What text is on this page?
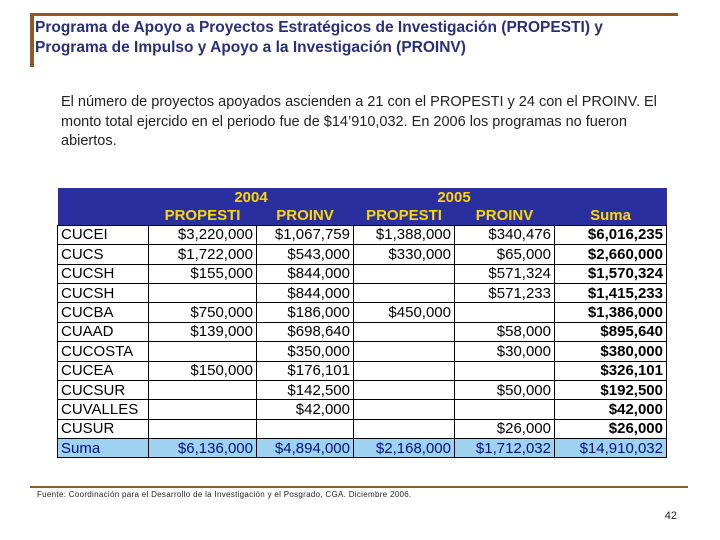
Programa de Apoyo a Proyectos Estratégicos de Investigación (PROPESTI) y Programa de Impulso y Apoyo a la Investigación (PROINV)
El número de proyectos apoyados ascienden a 21 con el PROPESTI y 24 con el PROINV. El monto total ejercido en el periodo fue de $14’910,032. En 2006 los programas no fueron abiertos.
	2004		2005		
	PROPESTI	PROINV	PROPESTI	PROINV	Suma
CUCEI	$3,220,000	$1,067,759	$1,388,000	$340,476	$6,016,235
CUCS	$1,722,000	$543,000	$330,000	$65,000	$2,660,000
CUCSH	$155,000	$844,000		$571,324	$1,570,324
CUCSH		$844,000		$571,233	$1,415,233
CUCBA	$750,000	$186,000	$450,000		$1,386,000
CUAAD	$139,000	$698,640		$58,000	$895,640
CUCOSTA		$350,000		$30,000	$380,000
CUCEA	$150,000	$176,101			$326,101
CUCSUR		$142,500		$50,000	$192,500
CUVALLES		$42,000			$42,000
CUSUR				$26,000	$26,000
Suma	$6,136,000	$4,894,000	$2,168,000	$1,712,032	$14,910,032
Fuente: Coordinación para el Desarrollo de la Investigación y el Posgrado, CGA. Diciembre 2006.
42
